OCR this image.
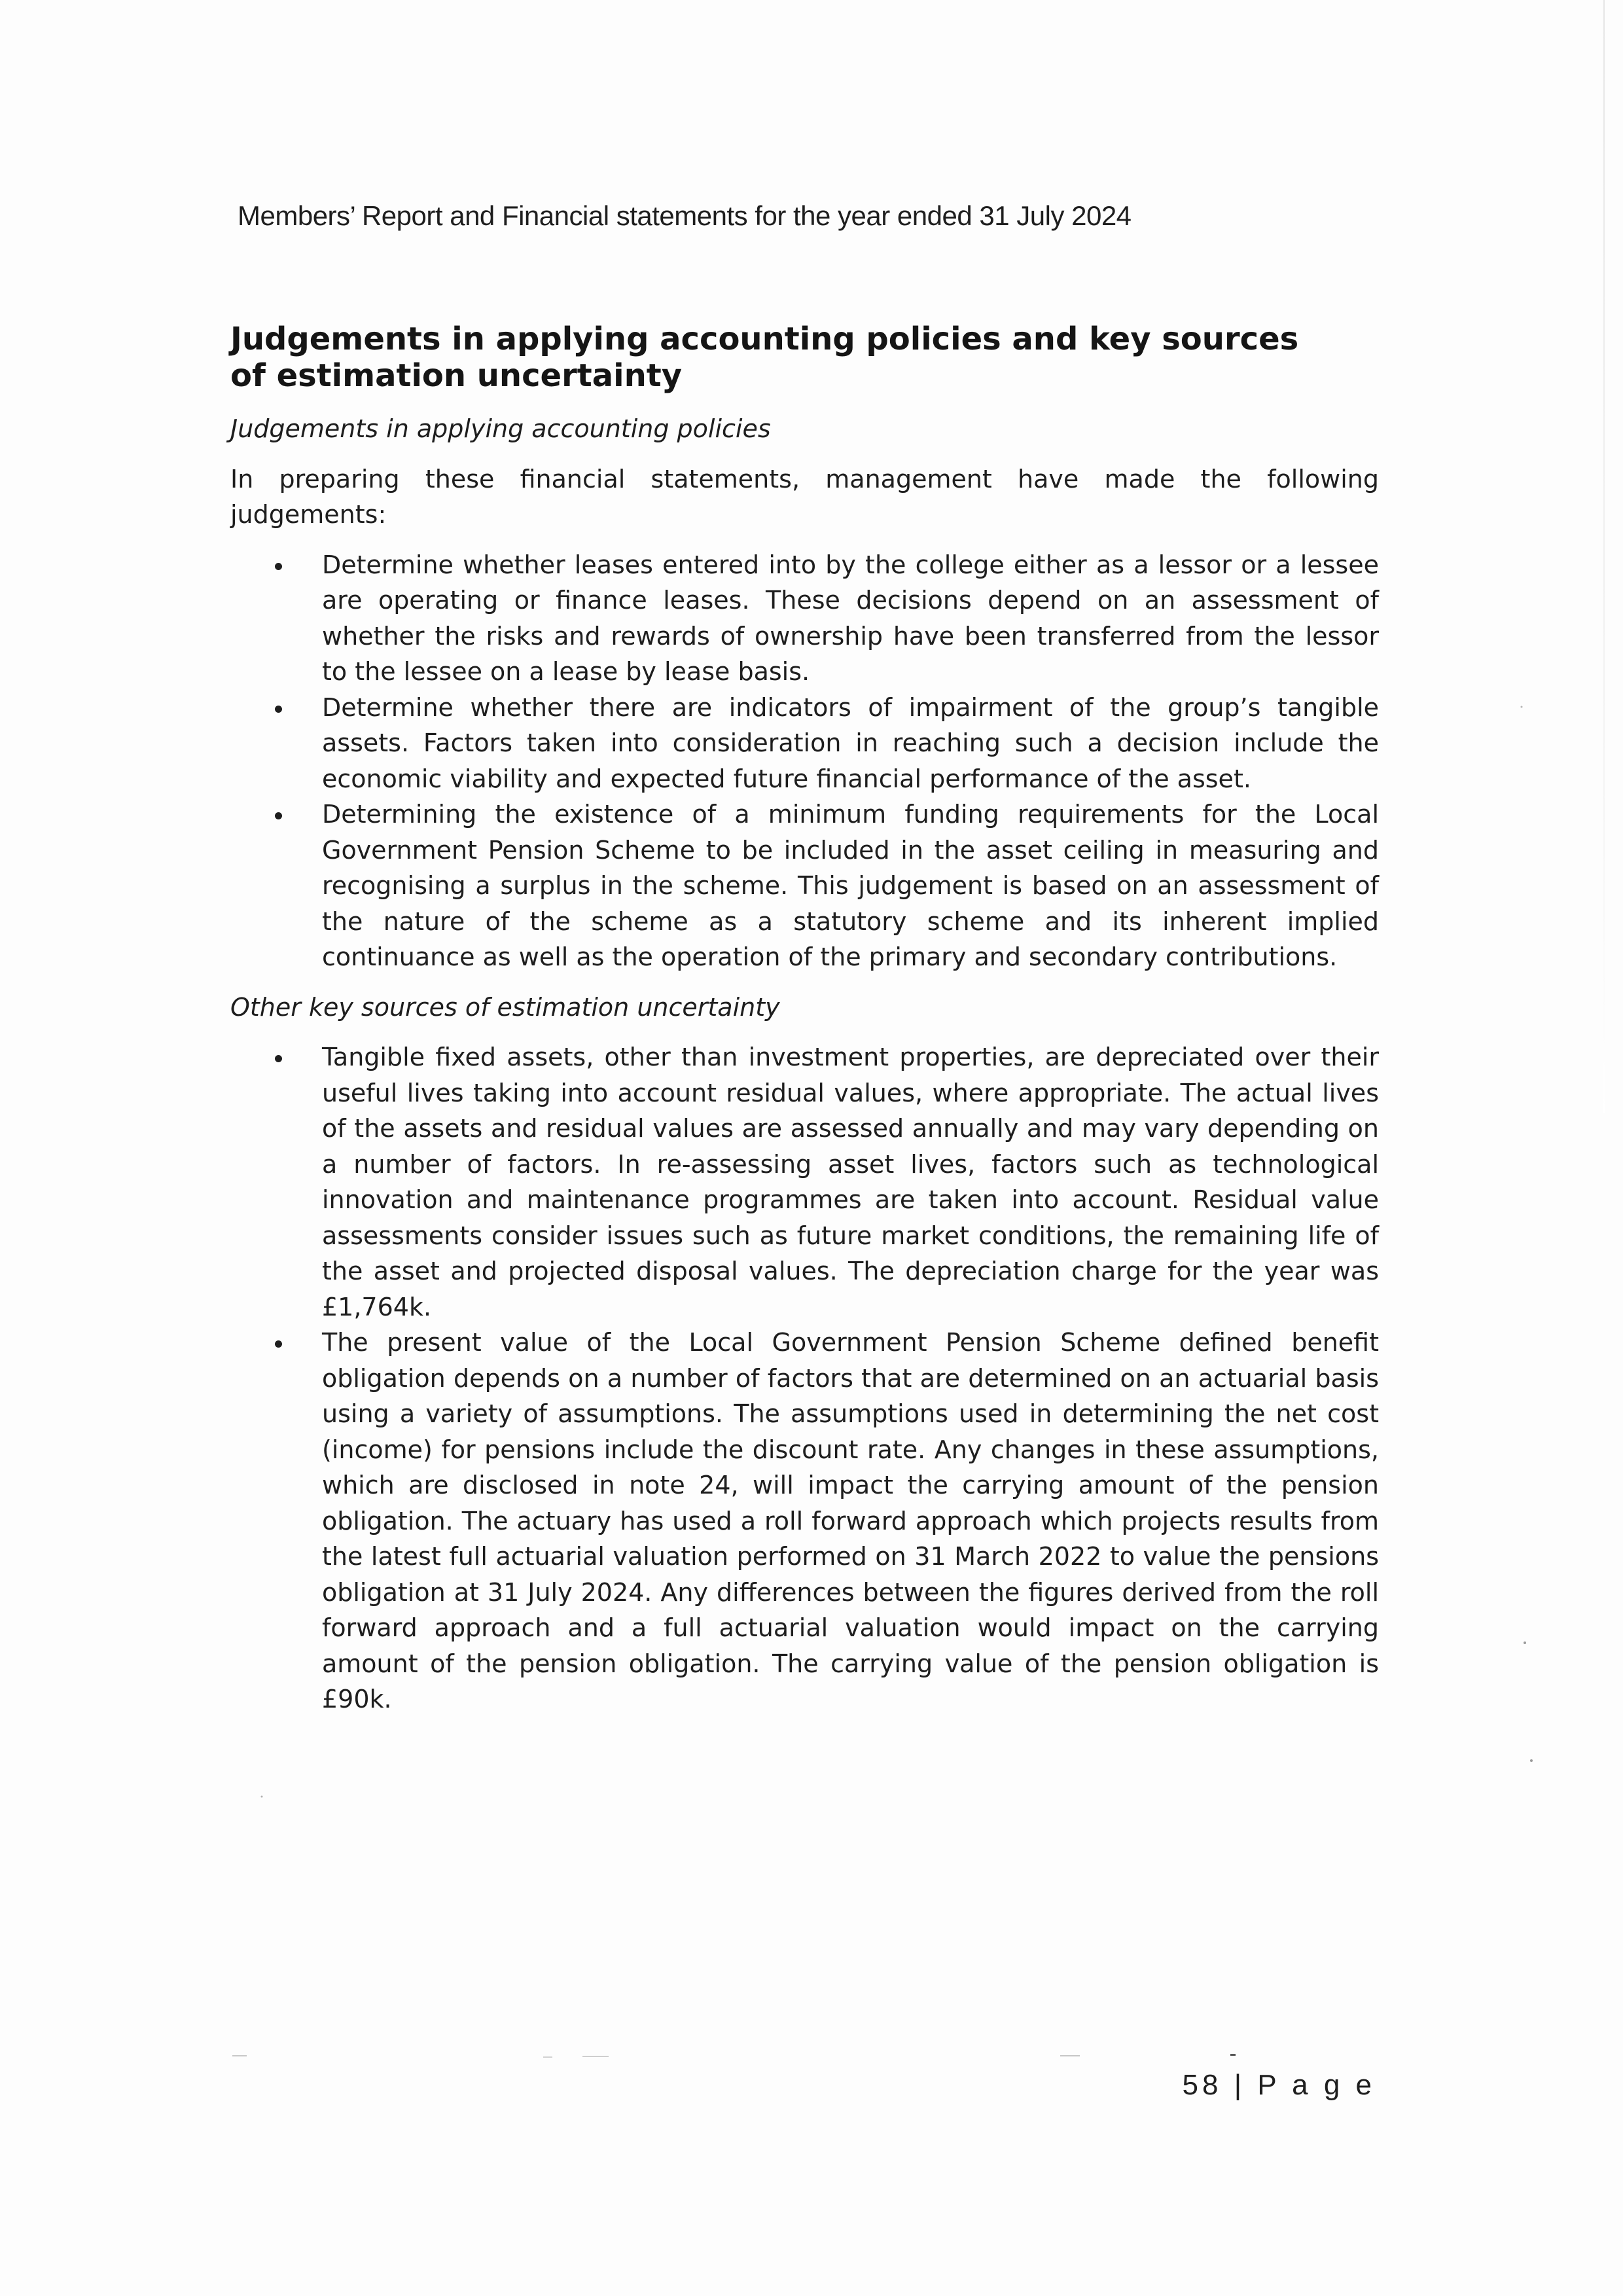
Members’ Report and Financial statements for the year ended 31 July 2024
Judgements in applying accounting policies and key sources of estimation uncertainty
Judgements in applying accounting policies

In preparing these financial statements, management have made the following judgements:

Determine whether leases entered into by the college either as a lessor or a lessee are operating or finance leases. These decisions depend on an assessment of whether the risks and rewards of ownership have been transferred from the lessor to the lessee on a lease by lease basis.
Determine whether there are indicators of impairment of the group’s tangible assets. Factors taken into consideration in reaching such a decision include the economic viability and expected future financial performance of the asset.
Determining the existence of a minimum funding requirements for the Local Government Pension Scheme to be included in the asset ceiling in measuring and recognising a surplus in the scheme. This judgement is based on an assessment of the nature of the scheme as a statutory scheme and its inherent implied continuance as well as the operation of the primary and secondary contributions.
Other key sources of estimation uncertainty
Tangible fixed assets, other than investment properties, are depreciated over their useful lives taking into account residual values, where appropriate. The actual lives of the assets and residual values are assessed annually and may vary depending on a number of factors. In re-assessing asset lives, factors such as technological innovation and maintenance programmes are taken into account. Residual value assessments consider issues such as future market conditions, the remaining life of the asset and projected disposal values. The depreciation charge for the year was £1,764k.
The present value of the Local Government Pension Scheme defined benefit obligation depends on a number of factors that are determined on an actuarial basis using a variety of assumptions. The assumptions used in determining the net cost (income) for pensions include the discount rate. Any changes in these assumptions, which are disclosed in note 24, will impact the carrying amount of the pension obligation. The actuary has used a roll forward approach which projects results from the latest full actuarial valuation performed on 31 March 2022 to value the pensions obligation at 31 July 2024. Any differences between the figures derived from the roll forward approach and a full actuarial valuation would impact on the carrying amount of the pension obligation. The carrying value of the pension obligation is £90k.
58 | P a g e
